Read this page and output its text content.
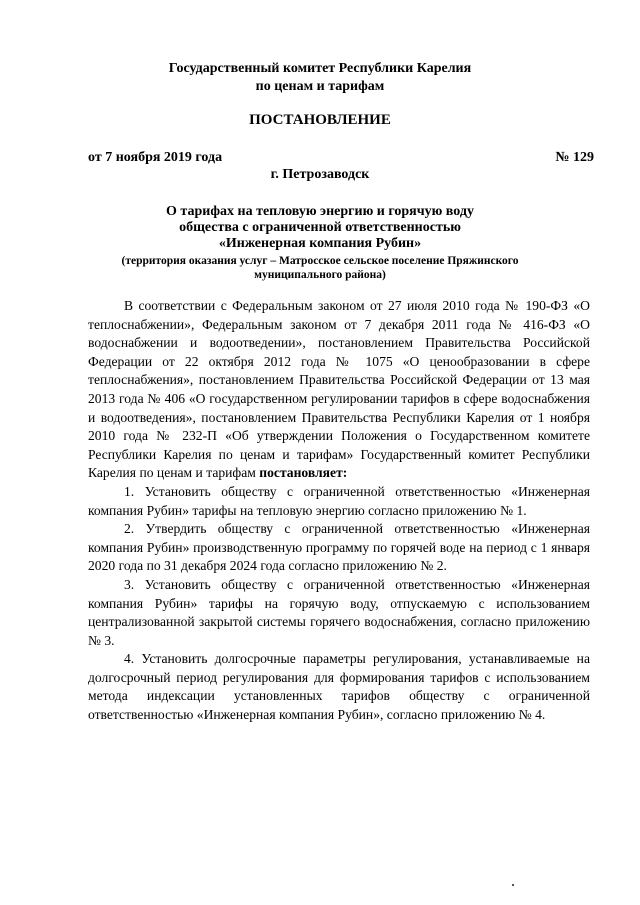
Государственный комитет Республики Карелия
по ценам и тарифам
ПОСТАНОВЛЕНИЕ
от 7 ноября 2019 года	№ 129
г. Петрозаводск
О тарифах на тепловую энергию и горячую воду
общества с ограниченной ответственностью
«Инженерная компания Рубин»
(территория оказания услуг – Матросское сельское поселение Пряжинского муниципального района)

В соответствии с Федеральным законом от 27 июля 2010 года № 190-ФЗ «О теплоснабжении», Федеральным законом от 7 декабря 2011 года № 416-ФЗ «О водоснабжении и водоотведении», постановлением Правительства Российской Федерации от 22 октября 2012 года № 1075 «О ценообразовании в сфере теплоснабжения», постановлением Правительства Российской Федерации от 13 мая 2013 года № 406 «О государственном регулировании тарифов в сфере водоснабжения и водоотведения», постановлением Правительства Республики Карелия от 1 ноября 2010 года № 232-П «Об утверждении Положения о Государственном комитете Республики Карелия по ценам и тарифам» Государственный комитет Республики Карелия по ценам и тарифам постановляет:

1. Установить обществу с ограниченной ответственностью «Инженерная компания Рубин» тарифы на тепловую энергию согласно приложению № 1.

2. Утвердить обществу с ограниченной ответственностью «Инженерная компания Рубин» производственную программу по горячей воде на период с 1 января 2020 года по 31 декабря 2024 года согласно приложению № 2.

3. Установить обществу с ограниченной ответственностью «Инженерная компания Рубин» тарифы на горячую воду, отпускаемую с использованием централизованной закрытой системы горячего водоснабжения, согласно приложению № 3.

4. Установить долгосрочные параметры регулирования, устанавливаемые на долгосрочный период регулирования для формирования тарифов с использованием метода индексации установленных тарифов обществу с ограниченной ответственностью «Инженерная компания Рубин», согласно приложению № 4.
